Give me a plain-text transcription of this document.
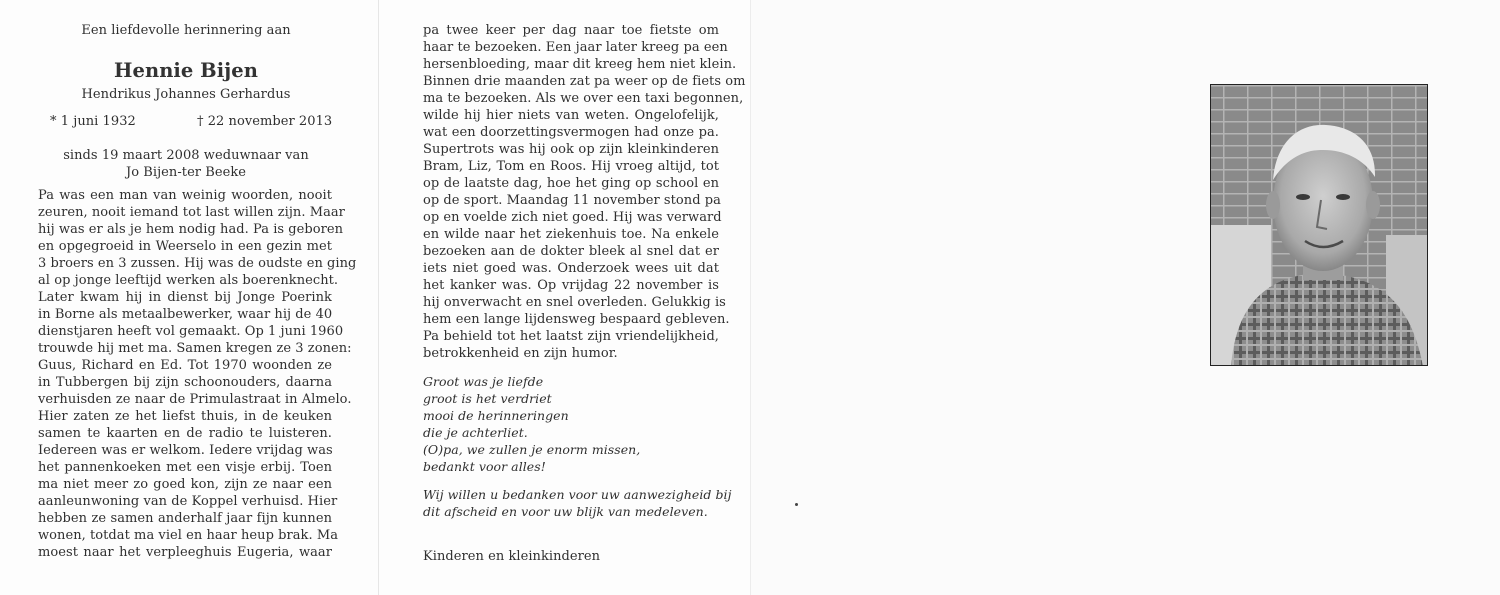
Een liefdevolle herinnering aan
Hennie Bijen
Hendrikus Johannes Gerhardus
* 1 juni 1932	† 22 november 2013
sinds 19 maart 2008 weduwnaar van
Jo Bijen-ter Beeke
Pa was een man van weinig woorden, nooit
zeuren, nooit iemand tot last willen zijn. Maar
hij was er als je hem nodig had. Pa is geboren
en opgegroeid in Weerselo in een gezin met
3 broers en 3 zussen. Hij was de oudste en ging
al op jonge leeftijd werken als boerenknecht.
Later kwam hij in dienst bij Jonge Poerink
in Borne als metaalbewerker, waar hij de 40
dienstjaren heeft vol gemaakt. Op 1 juni 1960
trouwde hij met ma. Samen kregen ze 3 zonen:
Guus, Richard en Ed. Tot 1970 woonden ze
in Tubbergen bij zijn schoonouders, daarna
verhuisden ze naar de Primulastraat in Almelo.
Hier zaten ze het liefst thuis, in de keuken
samen te kaarten en de radio te luisteren.
Iedereen was er welkom. Iedere vrijdag was
het pannenkoeken met een visje erbij. Toen
ma niet meer zo goed kon, zijn ze naar een
aanleunwoning van de Koppel verhuisd. Hier
hebben ze samen anderhalf jaar fijn kunnen
wonen, totdat ma viel en haar heup brak. Ma
moest naar het verpleeghuis Eugeria, waar
pa twee keer per dag naar toe fietste om
haar te bezoeken. Een jaar later kreeg pa een
hersenbloeding, maar dit kreeg hem niet klein.
Binnen drie maanden zat pa weer op de fiets om
ma te bezoeken. Als we over een taxi begonnen,
wilde hij hier niets van weten. Ongelofelijk,
wat een doorzettingsvermogen had onze pa.
Supertrots was hij ook op zijn kleinkinderen
Bram, Liz, Tom en Roos. Hij vroeg altijd, tot
op de laatste dag, hoe het ging op school en
op de sport. Maandag 11 november stond pa
op en voelde zich niet goed. Hij was verward
en wilde naar het ziekenhuis toe. Na enkele
bezoeken aan de dokter bleek al snel dat er
iets niet goed was. Onderzoek wees uit dat
het kanker was. Op vrijdag 22 november is
hij onverwacht en snel overleden. Gelukkig is
hem een lange lijdensweg bespaard gebleven.
Pa behield tot het laatst zijn vriendelijkheid,
betrokkenheid en zijn humor.
Groot was je liefde
groot is het verdriet
mooi de herinneringen
die je achterliet.
(O)pa, we zullen je enorm missen,
bedankt voor alles!
Wij willen u bedanken voor uw aanwezigheid bij
dit afscheid en voor uw blijk van medeleven.
Kinderen en kleinkinderen
